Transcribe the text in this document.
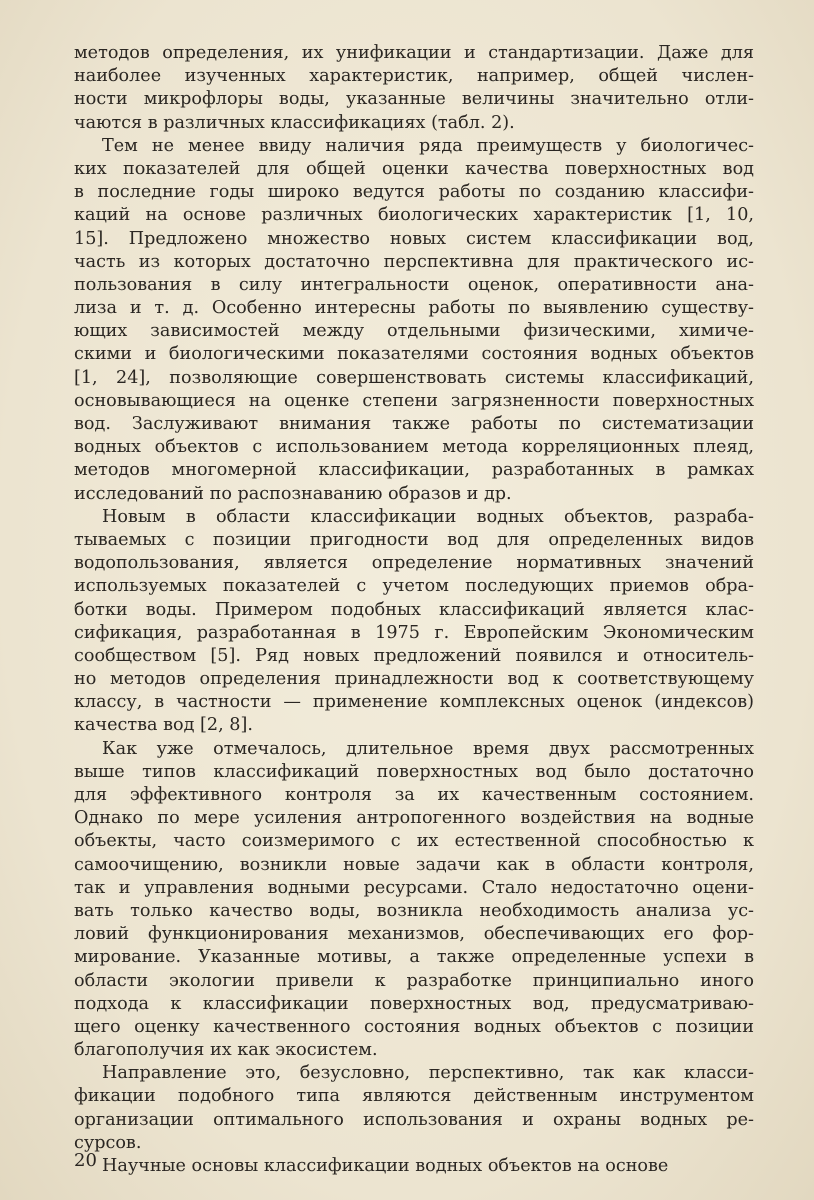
методов определения, их унификации и стандартизации. Даже для
наиболее изученных характеристик, например, общей числен-
ности микрофлоры воды, указанные величины значительно отли-
чаются в различных классификациях (табл. 2).
Тем не менее ввиду наличия ряда преимуществ у биологичес-
ких показателей для общей оценки качества поверхностных вод
в последние годы широко ведутся работы по созданию классифи-
каций на основе различных биологических характеристик [1, 10,
15]. Предложено множество новых систем классификации вод,
часть из которых достаточно перспективна для практического ис-
пользования в силу интегральности оценок, оперативности ана-
лиза и т. д. Особенно интересны работы по выявлению существу-
ющих зависимостей между отдельными физическими, химиче-
скими и биологическими показателями состояния водных объектов
[1, 24], позволяющие совершенствовать системы классификаций,
основывающиеся на оценке степени загрязненности поверхностных
вод. Заслуживают внимания также работы по систематизации
водных объектов с использованием метода корреляционных плеяд,
методов многомерной классификации, разработанных в рамках
исследований по распознаванию образов и др.
Новым в области классификации водных объектов, разраба-
тываемых с позиции пригодности вод для определенных видов
водопользования, является определение нормативных значений
используемых показателей с учетом последующих приемов обра-
ботки воды. Примером подобных классификаций является клас-
сификация, разработанная в 1975 г. Европейским Экономическим
сообществом [5]. Ряд новых предложений появился и относитель-
но методов определения принадлежности вод к соответствующему
классу, в частности — применение комплексных оценок (индексов)
качества вод [2, 8].
Как уже отмечалось, длительное время двух рассмотренных
выше типов классификаций поверхностных вод было достаточно
для эффективного контроля за их качественным состоянием.
Однако по мере усиления антропогенного воздействия на водные
объекты, часто соизмеримого с их естественной способностью к
самоочищению, возникли новые задачи как в области контроля,
так и управления водными ресурсами. Стало недостаточно оцени-
вать только качество воды, возникла необходимость анализа ус-
ловий функционирования механизмов, обеспечивающих его фор-
мирование. Указанные мотивы, а также определенные успехи в
области экологии привели к разработке принципиально иного
подхода к классификации поверхностных вод, предусматриваю-
щего оценку качественного состояния водных объектов с позиции
благополучия их как экосистем.
Направление это, безусловно, перспективно, так как класси-
фикации подобного типа являются действенным инструментом
организации оптимального использования и охраны водных ре-
сурсов.
Научные основы классификации водных объектов на основе
20
